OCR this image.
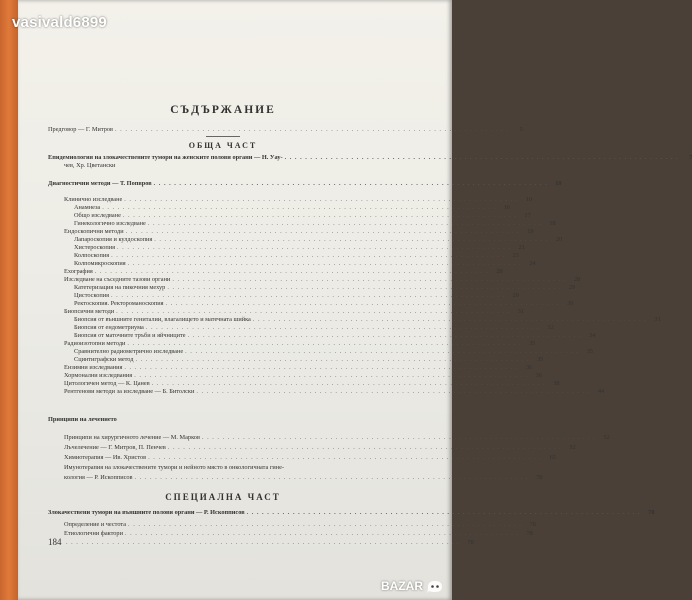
vasivald6899
СЪДЪРЖАНИЕ
Предговор — Г. Митров . . .	5
ОБЩА ЧАСТ
Епидемиология на злокачествените тумори на женските полови органи — Н. Уау- . . .	7
чев, Хр. Цветански
Диагностични методи — Т. Попвров . . .	10
Клинично изследване . . .	10
Анамнеза . . .	16
Общо изследване . . .	17
Гинекологично изследване . . .	18
Ендоскопични методи . . .	19
Лапароскопия и кулдоскопия . . .	20
Хистероскопия . . .	21
Колпоскопия . . .	23
Колпомикроскопия . . .	24
Ехография . . .	28
Изследване на съседните тазови органи . . .	28
Катетеризация на пикочния мехур . . .	29
Цистоскопия . . .	29
Ректоскопия. Ректороманоскопия . . .	30
Биопсични методи . . .	31
Биопсия от външните гениталии, влагалището и матечната шийка . . .	31
Биопсия от ендометриума . . .	32
Биопсия от маточните тръби и яйчниците . . .	34
Радиоизотопни методи . . .	35
Сравнително радиометрично изследване . . .	35
Сцинтиграфски метод . . .	35
Ензимни изследвания . . .	36
Хормонални изследвания . . .	36
Цитологичен метод — К. Цанев . . .	38
Рентгенови методи за изследване — Б. Битолски . . .	44
Принципи на лечението
Принципи на хирургичното лечение — М. Марков . . .	52
Лъчелечение — Г. Митров, П. Пенчев . . .	52
Химиотерапия — Ив. Христов . . .	65
Имунотерапия на злокачествените тумори и нейното място в онкологичната гине-
кология — Р. Ископписов . . .	70
СПЕЦИАЛНА ЧАСТ
Злокачествени тумори на външните полови органи — Р. Ископписов . . .	78
Определение и честота . . .	78
Етиологични фактори . . .	78
. . .
78
184
BAZAR
